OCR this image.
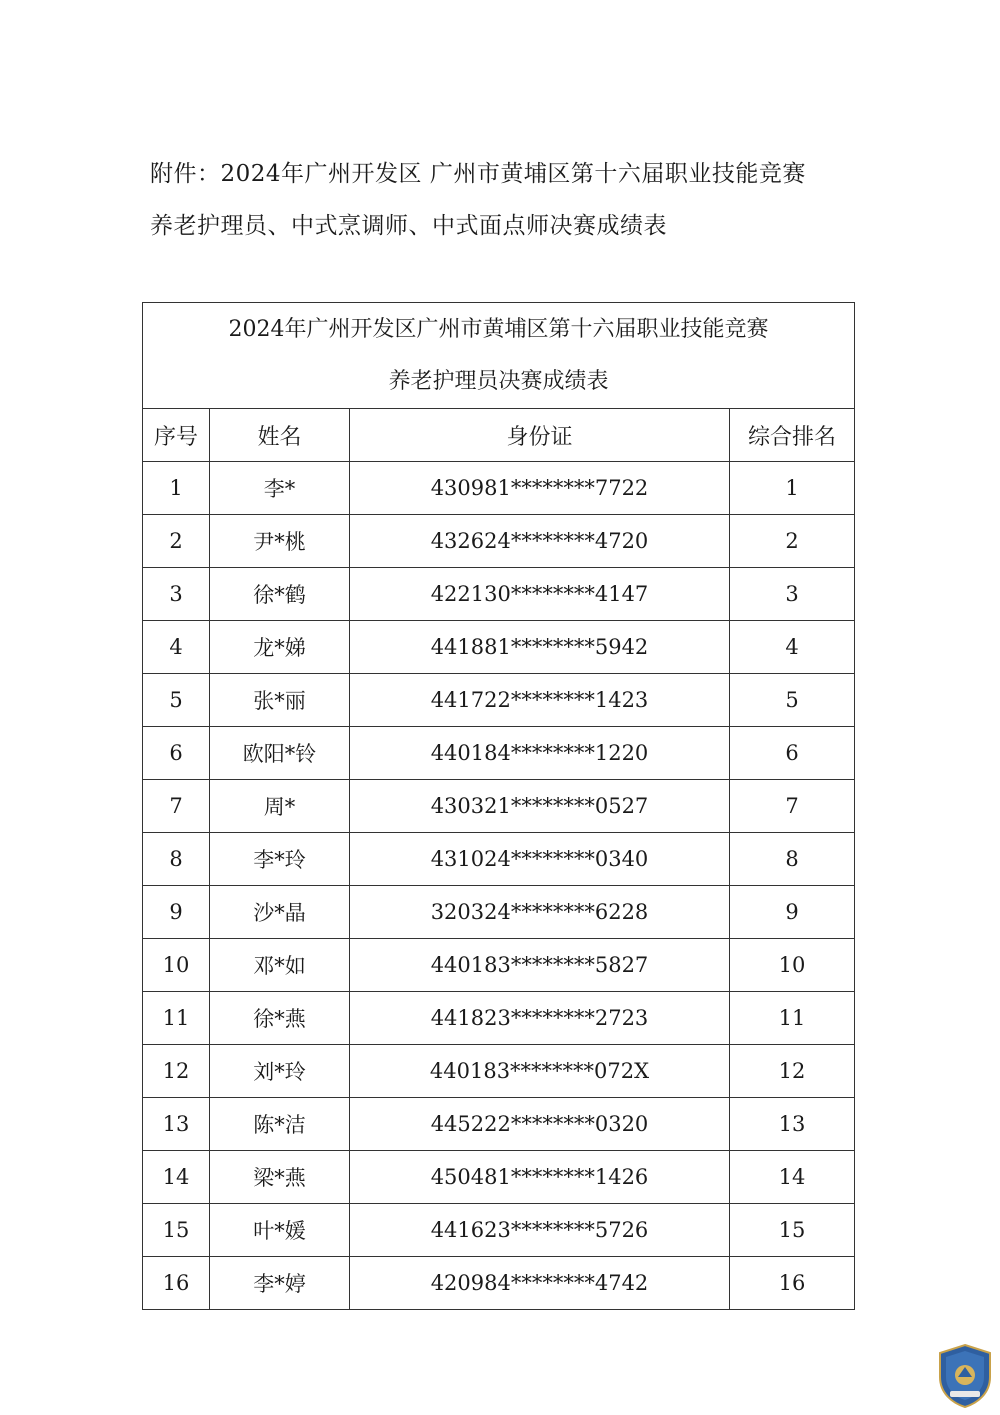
附件：2024年广州开发区 广州市黄埔区第十六届职业技能竞赛
养老护理员、中式烹调师、中式面点师决赛成绩表
2024年广州开发区广州市黄埔区第十六届职业技能竞赛
养老护理员决赛成绩表			

序号	姓名	身份证	综合排名
1	李*	430981********7722	1
2	尹*桃	432624********4720	2
3	徐*鹤	422130********4147	3
4	龙*娣	441881********5942	4
5	张*丽	441722********1423	5
6	欧阳*铃	440184********1220	6
7	周*	430321********0527	7
8	李*玲	431024********0340	8
9	沙*晶	320324********6228	9
10	邓*如	440183********5827	10
11	徐*燕	441823********2723	11
12	刘*玲	440183********072X	12
13	陈*洁	445222********0320	13
14	梁*燕	450481********1426	14
15	叶*媛	441623********5726	15
16	李*婷	420984********4742	16
